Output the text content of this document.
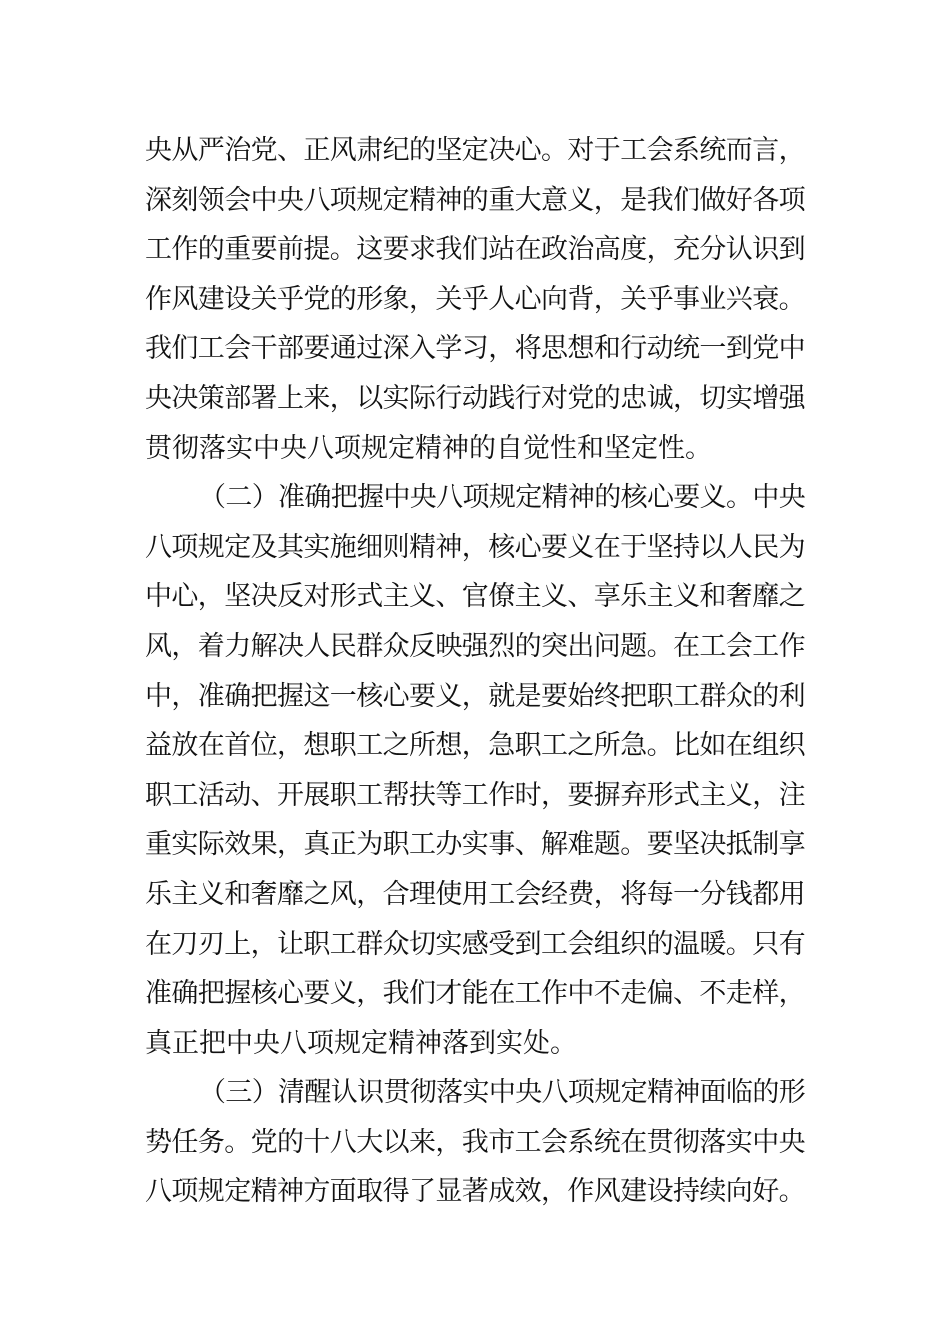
央从严治党、正风肃纪的坚定决心。对于工会系统而言，
深刻领会中央八项规定精神的重大意义，是我们做好各项
工作的重要前提。这要求我们站在政治高度，充分认识到
作风建设关乎党的形象，关乎人心向背，关乎事业兴衰。
我们工会干部要通过深入学习，将思想和行动统一到党中
央决策部署上来，以实际行动践行对党的忠诚，切实增强
贯彻落实中央八项规定精神的自觉性和坚定性。
（二）准确把握中央八项规定精神的核心要义。中央
八项规定及其实施细则精神，核心要义在于坚持以人民为
中心，坚决反对形式主义、官僚主义、享乐主义和奢靡之
风，着力解决人民群众反映强烈的突出问题。在工会工作
中，准确把握这一核心要义，就是要始终把职工群众的利
益放在首位，想职工之所想，急职工之所急。比如在组织
职工活动、开展职工帮扶等工作时，要摒弃形式主义，注
重实际效果，真正为职工办实事、解难题。要坚决抵制享
乐主义和奢靡之风，合理使用工会经费，将每一分钱都用
在刀刃上，让职工群众切实感受到工会组织的温暖。只有
准确把握核心要义，我们才能在工作中不走偏、不走样，
真正把中央八项规定精神落到实处。
（三）清醒认识贯彻落实中央八项规定精神面临的形
势任务。党的十八大以来，我市工会系统在贯彻落实中央
八项规定精神方面取得了显著成效，作风建设持续向好。
